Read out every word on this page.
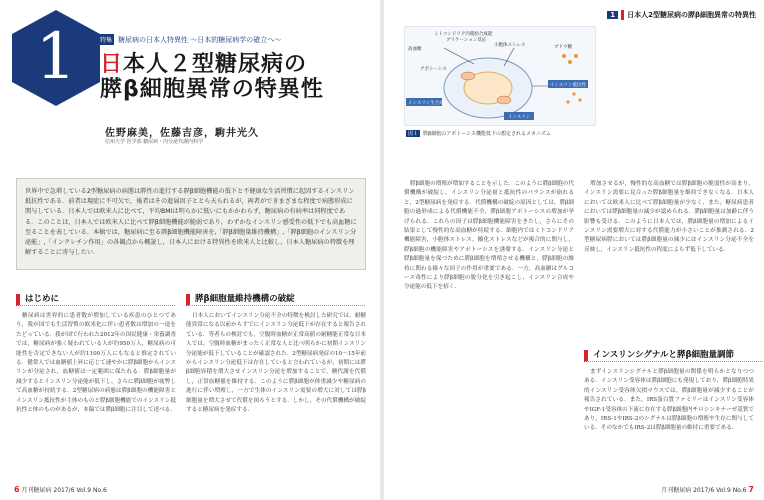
1	特集 糖尿病の日本人特異性 〜日本的糖尿病学の確立へ〜
日本人２型糖尿病の
膵β細胞異常の特異性
佐野麻美，佐藤吉彦，駒井光久
信州大学 医学部 糖尿病・内分泌代謝内科学
世界中で急増している2型糖尿病の病態は膵性の進行する膵β細胞機能の低下と不健康な生活習慣に起因するインスリン抵抗性である．前者は現症に不可欠で，後者はその進展因子ととら天られるが，両者ができまざまな程度で病態形成に関与している．日本人では欧米人に比べて，平均BMIは明らかに低いにもかかわらず，糖尿病の有病率は同程度である．このことは，日本人では欧米人に比べて膵β細胞機能が脆弱であり，わずかなインスリン感受性の低下でも高血糖に至ることを表している．本稿では，糖尿病に至る膵β細胞機能障害を,「膵β細胞量維持機構」,「膵β細胞のインスリン分泌能」,「インクレチン作用」の各観点から概説し，日本人における特異性を欧米人と比較し，日本人糖尿病の特徴を理解することに寄与したい．
はじめに

糖尿病は世界的に患者数が増加している疾患のひとつであり，我が国でも生活習慣の欧米化に伴い患者数は増加の一途をたどっている．我が国で行われた2012年の国民健康・栄養調査では，糖尿病が強く疑われている人が約950万人，糖尿病の可能性を否定できない人が約1100万人にもなると推定されている．健常人では血糖値上昇に応じて速やかに膵β細胞からインスリンが分泌され，血糖値は一定範囲に保たれる．膵β細胞量が減少するとインスリン分泌能が低下し，さらに膵β細胞が疲弊して高血糖が持続する．2型糖尿病の病態は膵β細胞の機能障害とインスリン抵抗性が主体のものと膵β細胞機能でのインスリン抵抗性と体のものがあるが，本稿では膵β細胞に注目して述べる．

膵β細胞量維持機構の破綻

日本人においてインスリン分泌不全の特徴を検討した研究では，耐糖能異常になる以前からすでにインスリン分泌低下が存在すると報告されている．等者らの検討でも，空腹時血糖が正常高値の耐糖能正常な日本人では，空腹時血糖がまったく正常な人と比べ明らかに初期インスリン分泌能が低下していることが確認された．2型糖尿病発症の10〜15年前からインスリン分泌低下は存在していると言われているが，初期には膵β細胞容積を増大させインスリン分泌を増加することで，糖代謝を代償し，正常血糖値を維持する．このように膵β細胞が体重減少や糖尿病の進行に伴い増殖し，一方で生体のインスリン需要の増大に対しては膵β細胞量を増大させて代償を図ろうとする．しかし，その代償機構が破綻すると糖尿病を発症する．

6 月刊糖尿病 2017/6 Vol.9 No.6
1	日本人2型糖尿病の膵β細胞異常の特異性
ミトコンドリア内脂肪合成能
グリケーション反応
高血糖
小胞体ストレス	ブドウ糖
アポトーシス
インスリン生合成
インスリン抵抗性
インスリン
図１	膵β細胞のアポトーシス機能低下の想定されるメカニズム

膵β細胞の増殖が増加することを示した．このように膵β細胞の代償機構が破綻し，インスリン分泌量と抵抗性のバランスが崩れると，2型糖尿病を発症する．代償機構の破綻の原因としては，膵β細胞の過形成による代償機能不全，膵β細胞アポトーシスの増加が挙げられる．これらの因子は膵β細胞機能障害をきたし，さらにその結果として慢性的な高血糖が持続する．細胞内ではミトコンドリア機能障害，小胞体ストレス，酸化ストレスなどが複合的に関与し，膵β細胞の機能障害やアポトーシスを誘導する．インスリン分泌と膵β細胞量を保つために膵β細胞を増殖させる機構と，膵β細胞の維持に関わる様々な因子の作用が重要である．一方，高血糖はグルコース毒性により膵β細胞の脱分化を引き起こし，インスリン合成や分泌能の低下を招く．

増加させるが，慢性的な高血糖では膵β細胞の脆弱性が高まり，インスリン需要に見合った膵β細胞量を維持できなくなる．日本人においては欧米人に比べて膵β細胞量が少なく，また，糖尿病患者においては膵β細胞量の減少が認められる．膵β細胞量は加齢に伴う影響も受ける．このように日本人では，膵β細胞量の増加によるインスリン需要増大に対する代償能力が小さいことが推測される．2型糖尿病膵においては膵β細胞量の減少にはインスリン分泌不全を反映し，インスリン抵抗性の程度によらず低下している．

インスリンシグナルと膵β細胞量調節

まずインスリンシグナルと膵β細胞量の関係を明らかとなりつつある．インスリン受容体は膵β細胞にも発現しており，膵β細胞特異的インスリン受容体欠損マウスでは，膵β細胞量が減少することが報告されている．また，IRS蛋白質ファミリーはインスリン受容体やIGF-1受容体の下流に存在する膵β細胞内チロシンキナーゼ基質であり，IRS-1やIRS-2のシグナルは膵β細胞の増殖や生存に関与している．そのなかでもIRS-2は膵β細胞量の維持に重要である．

月刊糖尿病 2017/6 Vol.9 No.6 7
